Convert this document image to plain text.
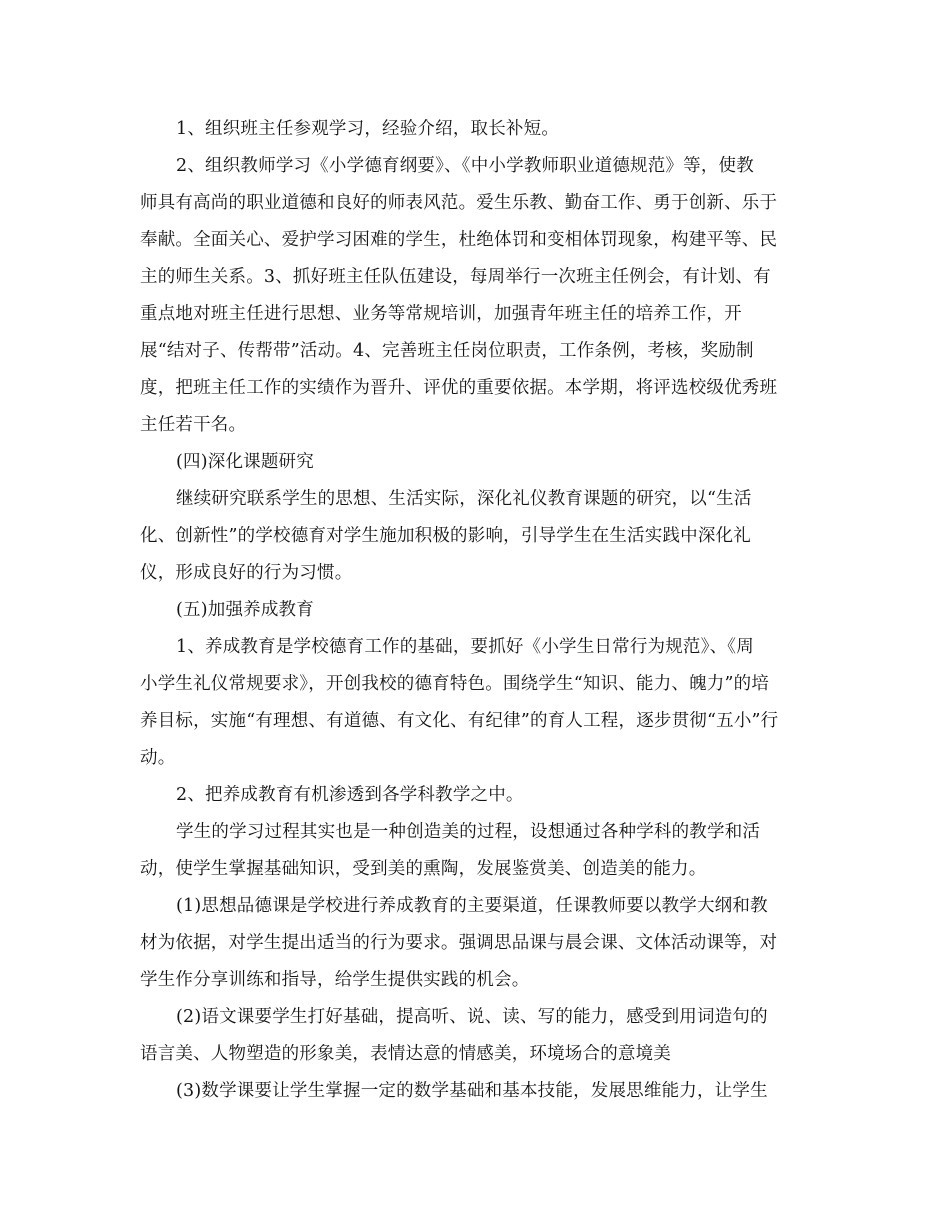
1、组织班主任参观学习，经验介绍，取长补短。
2、组织教师学习《小学德育纲要》、《中小学教师职业道德规范》等，使教
师具有高尚的职业道德和良好的师表风范。爱生乐教、勤奋工作、勇于创新、乐于
奉献。全面关心、爱护学习困难的学生，杜绝体罚和变相体罚现象，构建平等、民
主的师生关系。3、抓好班主任队伍建设，每周举行一次班主任例会，有计划、有
重点地对班主任进行思想、业务等常规培训，加强青年班主任的培养工作，开
展“结对子、传帮带”活动。4、完善班主任岗位职责，工作条例，考核，奖励制
度，把班主任工作的实绩作为晋升、评优的重要依据。本学期，将评选校级优秀班
主任若干名。
(四)深化课题研究
继续研究联系学生的思想、生活实际，深化礼仪教育课题的研究，以“生活
化、创新性”的学校德育对学生施加积极的影响，引导学生在生活实践中深化礼
仪，形成良好的行为习惯。
(五)加强养成教育
1、养成教育是学校德育工作的基础，要抓好《小学生日常行为规范》、《周
小学生礼仪常规要求》，开创我校的德育特色。围绕学生“知识、能力、魄力”的培
养目标，实施“有理想、有道德、有文化、有纪律”的育人工程，逐步贯彻“五小”行
动。
2、把养成教育有机渗透到各学科教学之中。
学生的学习过程其实也是一种创造美的过程，设想通过各种学科的教学和活
动，使学生掌握基础知识，受到美的熏陶，发展鉴赏美、创造美的能力。
(1)思想品德课是学校进行养成教育的主要渠道，任课教师要以教学大纲和教
材为依据，对学生提出适当的行为要求。强调思品课与晨会课、文体活动课等，对
学生作分享训练和指导，给学生提供实践的机会。
(2)语文课要学生打好基础，提高听、说、读、写的能力，感受到用词造句的
语言美、人物塑造的形象美，表情达意的情感美，环境场合的意境美
(3)数学课要让学生掌握一定的数学基础和基本技能，发展思维能力，让学生
